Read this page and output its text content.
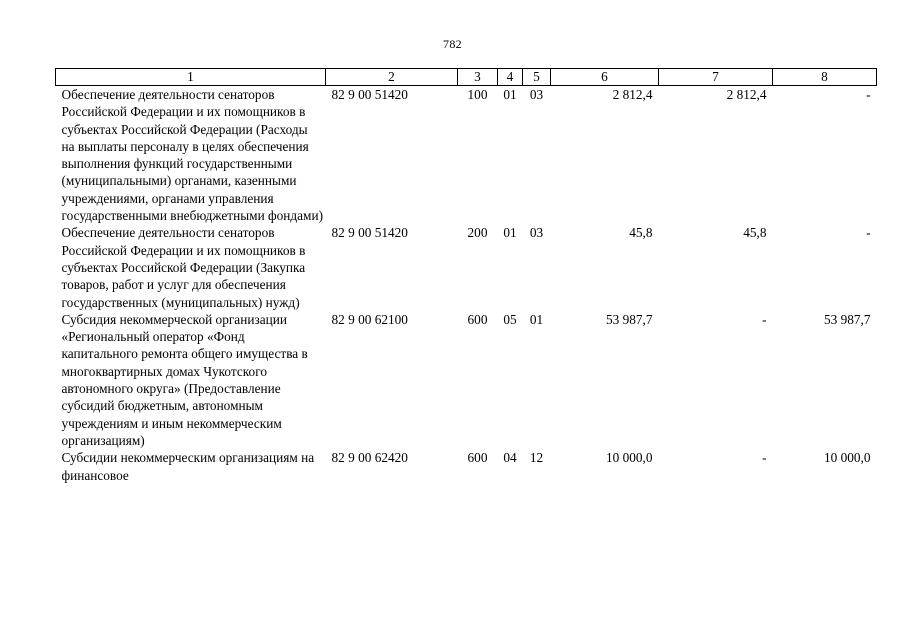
782
1	2	3	4	5	6	7	8
Обеспечение деятельности сенаторов Российской Федерации и их помощников в субъектах Российской Федерации (Расходы на выплаты персоналу в целях обеспечения выполнения функций государственными (муниципальными) органами, казенными учреждениями, органами управления государственными внебюджетными фондами)	82 9 00 51420	100	01	03	2 812,4	2 812,4	-
Обеспечение деятельности сенаторов Российской Федерации и их помощников в субъектах Российской Федерации (Закупка товаров, работ и услуг для обеспечения государственных (муниципальных) нужд)	82 9 00 51420	200	01	03	45,8	45,8	-
Субсидия некоммерческой организации «Региональный оператор «Фонд капитального ремонта общего имущества в многоквартирных домах Чукотского автономного округа» (Предоставление субсидий бюджетным, автономным учреждениям и иным некоммерческим организациям)	82 9 00 62100	600	05	01	53 987,7	-	53 987,7
Субсидии некоммерческим организациям на финансовое	82 9 00 62420	600	04	12	10 000,0	-	10 000,0
